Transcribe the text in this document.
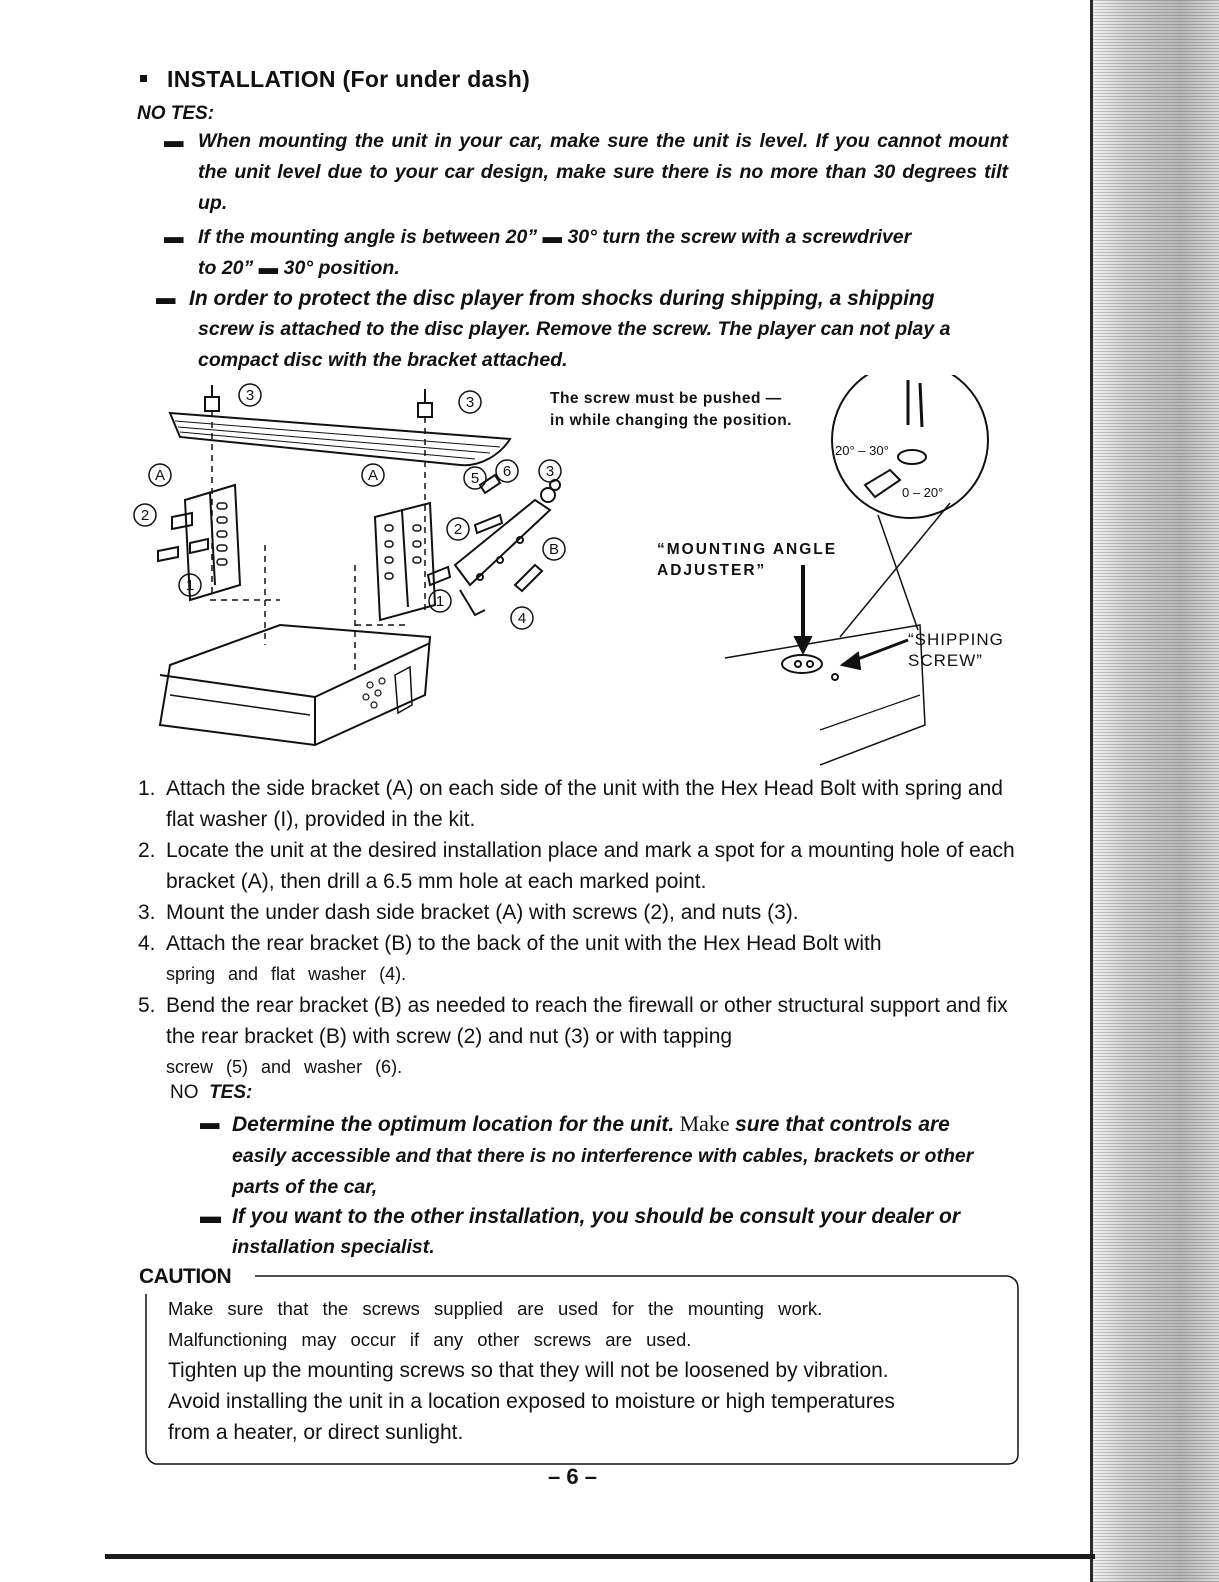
INSTALLATION (For under dash)
NO TES:
▬ When mounting the unit in your car, make sure the unit is level. If you cannot mount the unit level due to your car design, make sure there is no more than 30 degrees tilt up.
▬ If the mounting angle is between 20” ▬ 30° turn the screw with a screwdriver
to 20” ▬ 30° position.
▬ In order to protect the disc player from shocks during shipping, a shipping
screw is attached to the disc player. Remove the screw. The player can not play a compact disc with the bracket attached.
3	3
A	A
2
1
5 6 3
2
B
1
4
20° – 30°
0 – 20°
The screw must be pushed —
in while changing the position.
“MOUNTING ANGLE
ADJUSTER”
“SHIPPING
SCREW”
1. Attach the side bracket (A) on each side of the unit with the Hex Head Bolt with spring and flat washer (I), provided in the kit.
2. Locate the unit at the desired installation place and mark a spot for a mounting hole of each bracket (A), then drill a 6.5 mm hole at each marked point.
3. Mount the under dash side bracket (A) with screws (2), and nuts (3).
4. Attach the rear bracket (B) to the back of the unit with the Hex Head Bolt with
spring and flat washer (4).
5. Bend the rear bracket (B) as needed to reach the firewall or other structural support and fix the rear bracket (B) with screw (2) and nut (3) or with tapping
screw (5) and washer (6).
NO TES:
▬ Determine the optimum location for the unit. Make sure that controls are
easily accessible and that there is no interference with cables, brackets or other parts of the car,
▬ If you want to the other installation, you should be consult your dealer or
installation specialist.
CAUTION
Make sure that the screws supplied are used for the mounting work.
Malfunctioning may occur if any other screws are used.
Tighten up the mounting screws so that they will not be loosened by vibration.
Avoid installing the unit in a location exposed to moisture or high temperatures
from a heater, or direct sunlight.
– 6 –
